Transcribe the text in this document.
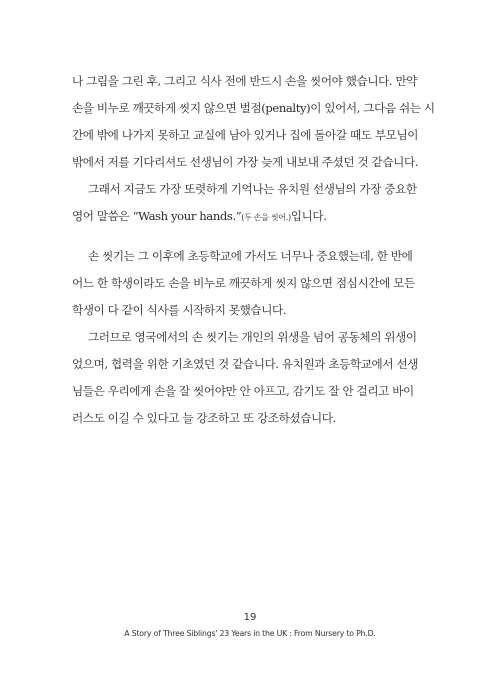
나 그림을 그린 후, 그리고 식사 전에 반드시 손을 씻어야 했습니다. 만약
손을 비누로 깨끗하게 씻지 않으면 벌점(penalty)이 있어서, 그다음 쉬는 시
간에 밖에 나가지 못하고 교실에 남아 있거나 집에 돌아갈 때도 부모님이
밖에서 저를 기다리셔도 선생님이 가장 늦게 내보내 주셨던 것 같습니다.
그래서 지금도 가장 또렷하게 기억나는 유치원 선생님의 가장 중요한
영어 말씀은 “Wash your hands.”(두 손을 씻어.)입니다.
손 씻기는 그 이후에 초등학교에 가서도 너무나 중요했는데, 한 반에
어느 한 학생이라도 손을 비누로 깨끗하게 씻지 않으면 점심시간에 모든
학생이 다 같이 식사를 시작하지 못했습니다.
그러므로 영국에서의 손 씻기는 개인의 위생을 넘어 공동체의 위생이
었으며, 협력을 위한 기초였던 것 같습니다. 유치원과 초등학교에서 선생
님들은 우리에게 손을 잘 씻어야만 안 아프고, 감기도 잘 안 걸리고 바이
러스도 이길 수 있다고 늘 강조하고 또 강조하셨습니다.
19
A Story of Three Siblings' 23 Years in the UK : From Nursery to Ph.D.
